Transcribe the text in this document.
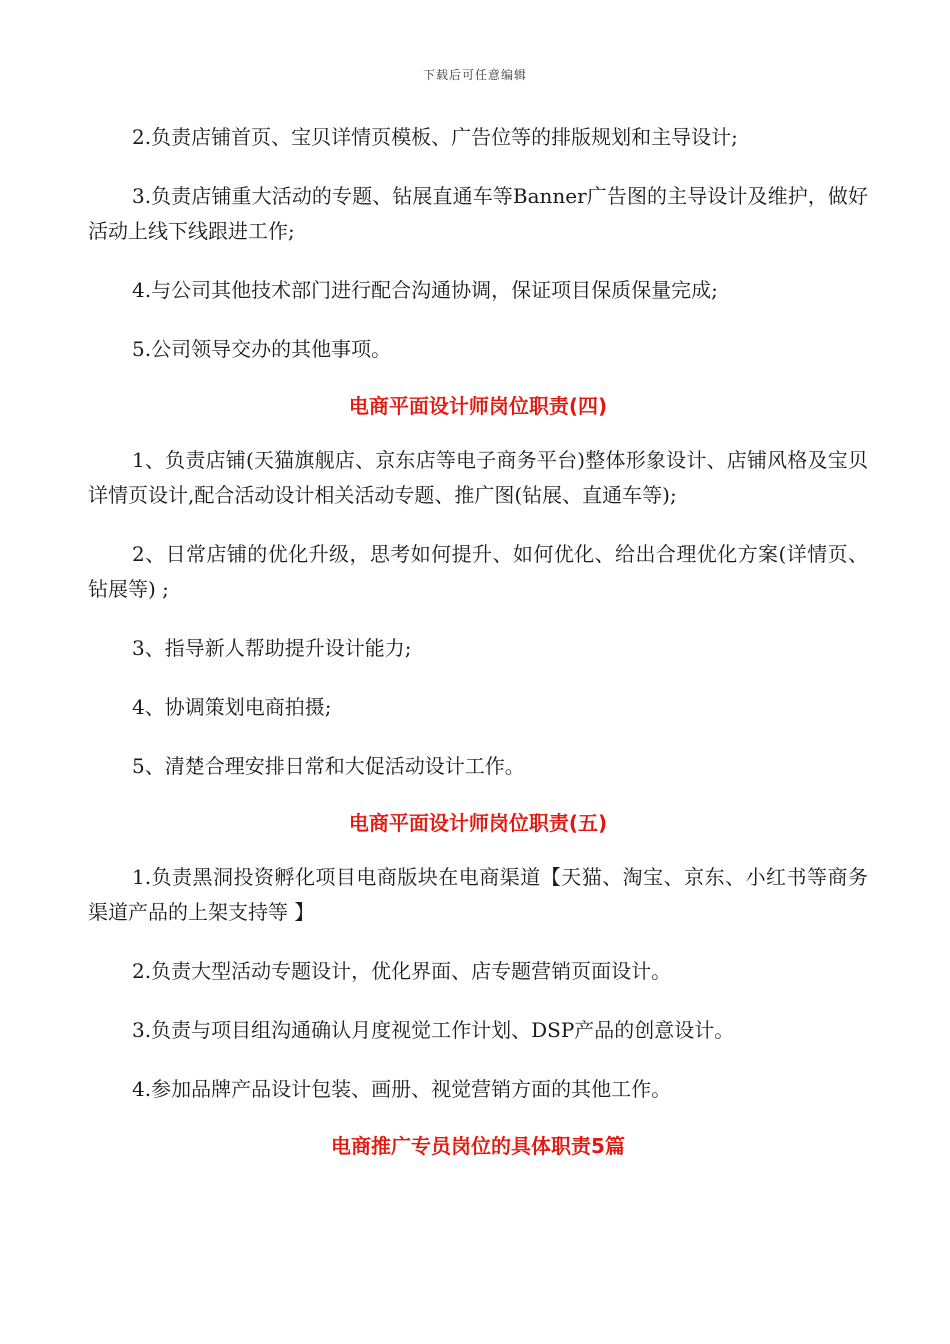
下载后可任意编辑

2.负责店铺首页、宝贝详情页模板、广告位等的排版规划和主导设计;

3.负责店铺重大活动的专题、钻展直通车等Banner广告图的主导设计及维护，做好活动上线下线跟进工作;

4.与公司其他技术部门进行配合沟通协调，保证项目保质保量完成;

5.公司领导交办的其他事项。

电商平面设计师岗位职责(四)

1、负责店铺(天猫旗舰店、京东店等电子商务平台)整体形象设计、店铺风格及宝贝详情页设计,配合活动设计相关活动专题、推广图(钻展、直通车等);

2、日常店铺的优化升级，思考如何提升、如何优化、给出合理优化方案(详情页、钻展等) ;

3、指导新人帮助提升设计能力;

4、协调策划电商拍摄;

5、清楚合理安排日常和大促活动设计工作。

电商平面设计师岗位职责(五)

1.负责黑洞投资孵化项目电商版块在电商渠道【天猫、淘宝、京东、小红书等商务渠道产品的上架支持等 】

2.负责大型活动专题设计，优化界面、店专题营销页面设计。

3.负责与项目组沟通确认月度视觉工作计划、DSP产品的创意设计。

4.参加品牌产品设计包装、画册、视觉营销方面的其他工作。

电商推广专员岗位的具体职责5篇
